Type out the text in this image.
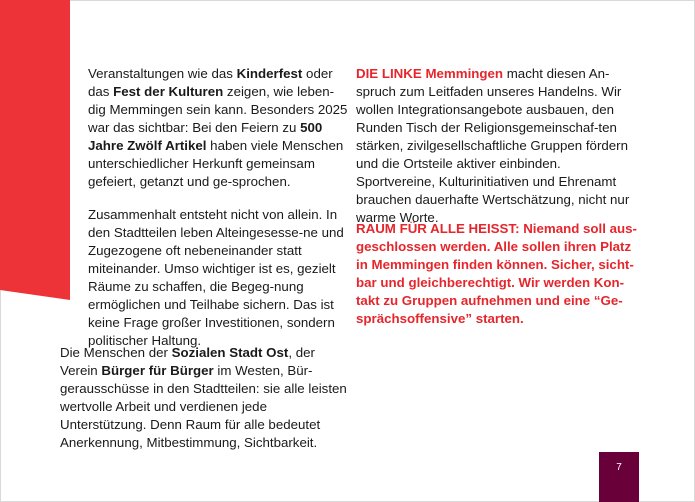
Veranstaltungen wie das Kinderfest oder das Fest der Kulturen zeigen, wie leben-dig Memmingen sein kann. Besonders 2025 war das sichtbar: Bei den Feiern zu 500 Jahre Zwölf Artikel haben viele Menschen unterschiedlicher Herkunft gemeinsam gefeiert, getanzt und ge-sprochen.

Zusammenhalt entsteht nicht von allein. In den Stadtteilen leben Alteingesesse-ne und Zugezogene oft nebeneinander statt miteinander. Umso wichtiger ist es, gezielt Räume zu schaffen, die Begeg-nung ermöglichen und Teilhabe sichern. Das ist keine Frage großer Investitionen, sondern politischer Haltung.

Die Menschen der Sozialen Stadt Ost, der Verein Bürger für Bürger im Westen, Bür-gerausschüsse in den Stadtteilen: sie alle leisten wertvolle Arbeit und verdienen jede Unterstützung. Denn Raum für alle bedeutet Anerkennung, Mitbestimmung, Sichtbarkeit.

DIE LINKE Memmingen macht diesen An-spruch zum Leitfaden unseres Handelns. Wir wollen Integrationsangebote ausbauen, den Runden Tisch der Religionsgemeinschaf-ten stärken, zivilgesellschaftliche Gruppen fördern und die Ortsteile aktiver einbinden. Sportvereine, Kulturinitiativen und Ehrenamt brauchen dauerhafte Wertschätzung, nicht nur warme Worte.

RAUM FÜR ALLE HEISST: Niemand soll aus-geschlossen werden. Alle sollen ihren Platz in Memmingen finden können. Sicher, sicht-bar und gleichberechtigt. Wir werden Kon-takt zu Gruppen aufnehmen und eine “Ge-sprächsoffensive” starten.

7
